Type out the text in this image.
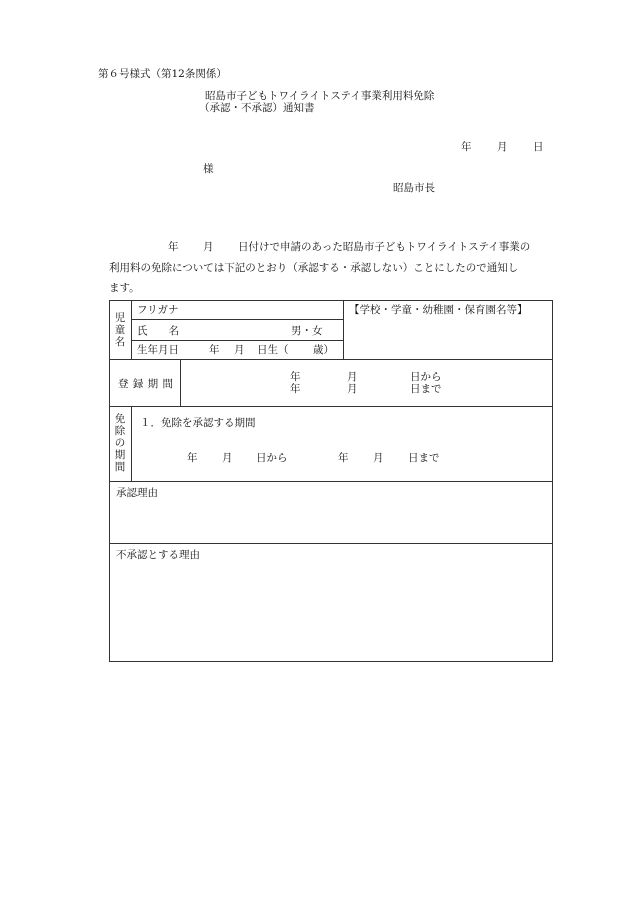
第６号様式（第12条関係）
昭島市子どもトワイライトステイ事業利用料免除
（承認・不承認）通知書
年 月 日
様
昭島市長
年 月 日付けで申請のあった昭島市子どもトワイライトステイ事業の
利用料の免除については下記のとおり（承認する・承認しない）ことにしたので通知し
ます。
児
童
名
フリガナ
氏　　名	男・女
生年月日	年 月 日生（ 歳）
【学校・学童・幼稚園・保育園名等】
登 録 期 間
年	月	日から
年	月	日まで
免
除
の
期
間
１．免除を承認する期間
年 月 日から	年 月 日まで
承認理由
不承認とする理由
